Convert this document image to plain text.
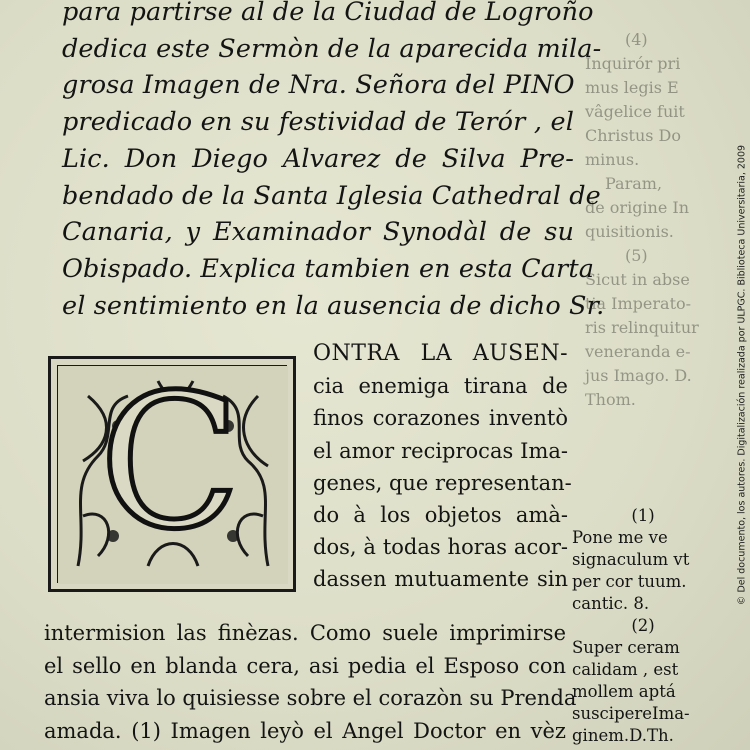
(4)
Inquirór pri
mus legis E
vâgelice fuit
Christus Do
minus.
Param,
de origine In
quisitionis.
(5)
Sicut in abse
tia Imperato-
ris relinquitur
veneranda e-
jus Imago. D.
Thom.
para partirse al de la Ciudad de Logroño
dedica este Sermòn de la aparecida mila-
grosa Imagen de Nra. Señora del PINO
predicado en su festividad de Terór , el
Lic. Don Diego Alvarez de Silva Pre-
bendado de la Santa Iglesia Cathedral de
Canaria, y Examinador Synodàl de su
Obispado. Explica tambien en esta Carta
el sentimiento en la ausencia de dicho Sr.
C
ONTRA LA AUSEN-
cia enemiga tirana de
finos corazones inventò
el amor reciprocas Ima-
genes, que representan-
do à los objetos amà-
dos, à todas horas acor-
dassen mutuamente sin
intermision las finèzas. Como suele imprimirse
el sello en blanda cera, asi pedia el Esposo con
ansia viva lo quisiesse sobre el corazòn su Prenda
amada. (1) Imagen leyò el Angel Doctor en vèz
(1)
Pone me ve
signaculum vt
per cor tuum.
cantic. 8.
(2)
Super ceram
calidam , est
mollem aptá
suscipereIma-
ginem.D.Th.
© Del documento, los autores. Digitalización realizada por ULPGC. Biblioteca Universitaria, 2009
